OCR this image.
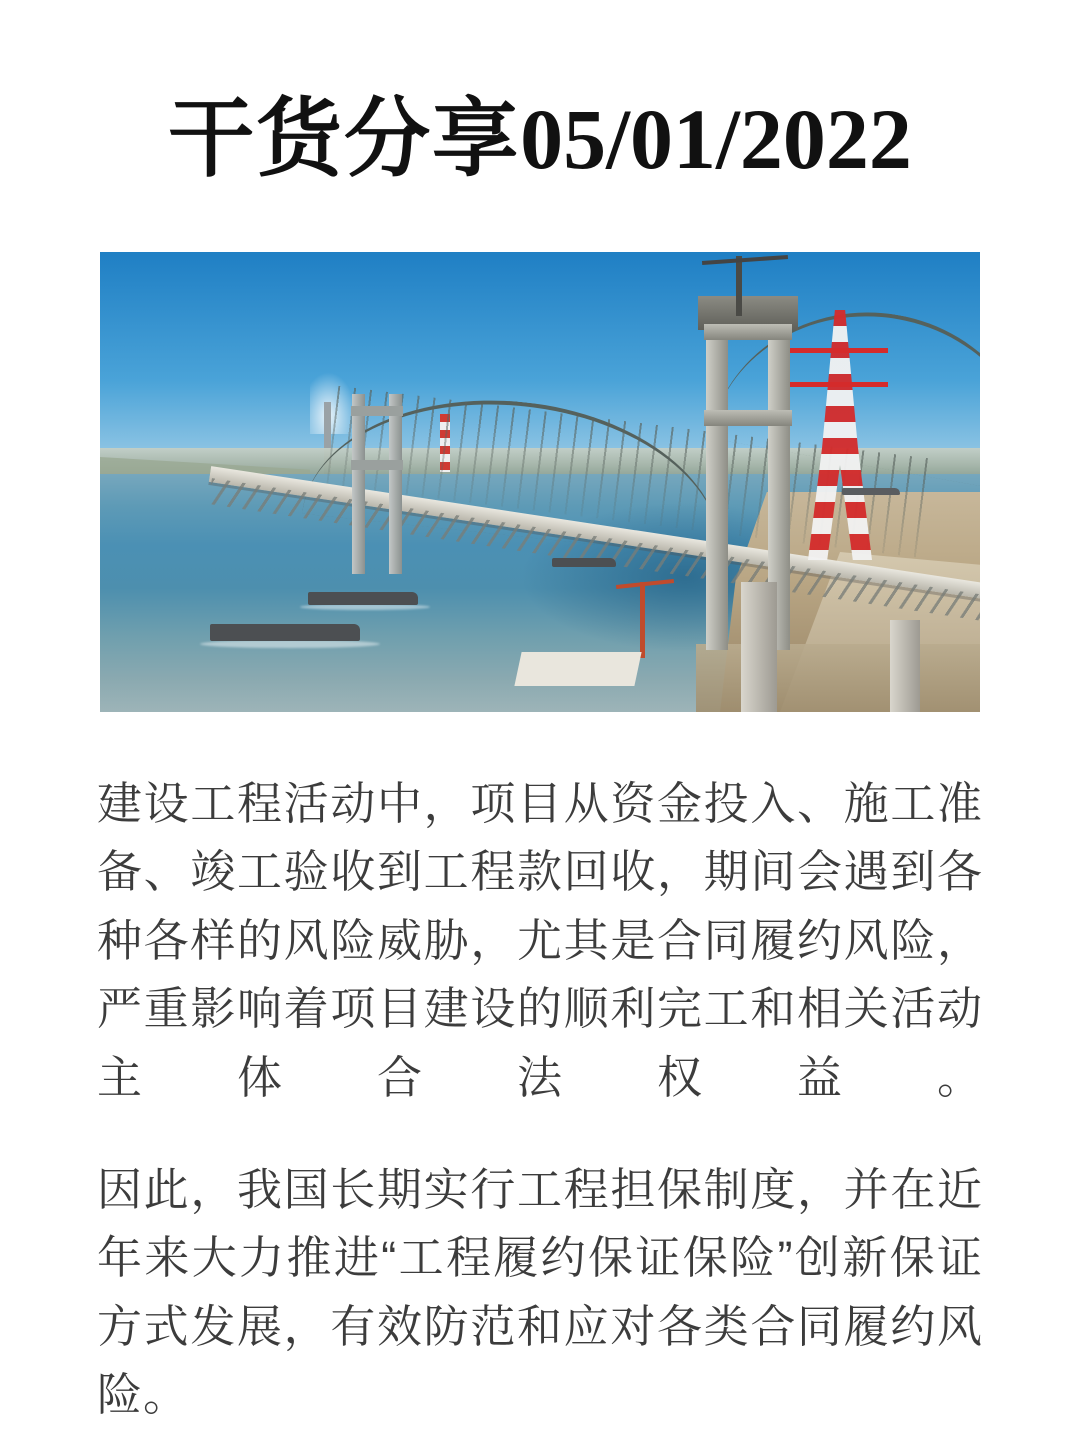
干货分享05/01/2022

建设工程活动中，项目从资金投入、施工准备、竣工验收到工程款回收，期间会遇到各种各样的风险威胁，尤其是合同履约风险，严重影响着项目建设的顺利完工和相关活动主体合法权益。

因此，我国长期实行工程担保制度，并在近年来大力推进“工程履约保证保险”创新保证方式发展，有效防范和应对各类合同履约风险。
